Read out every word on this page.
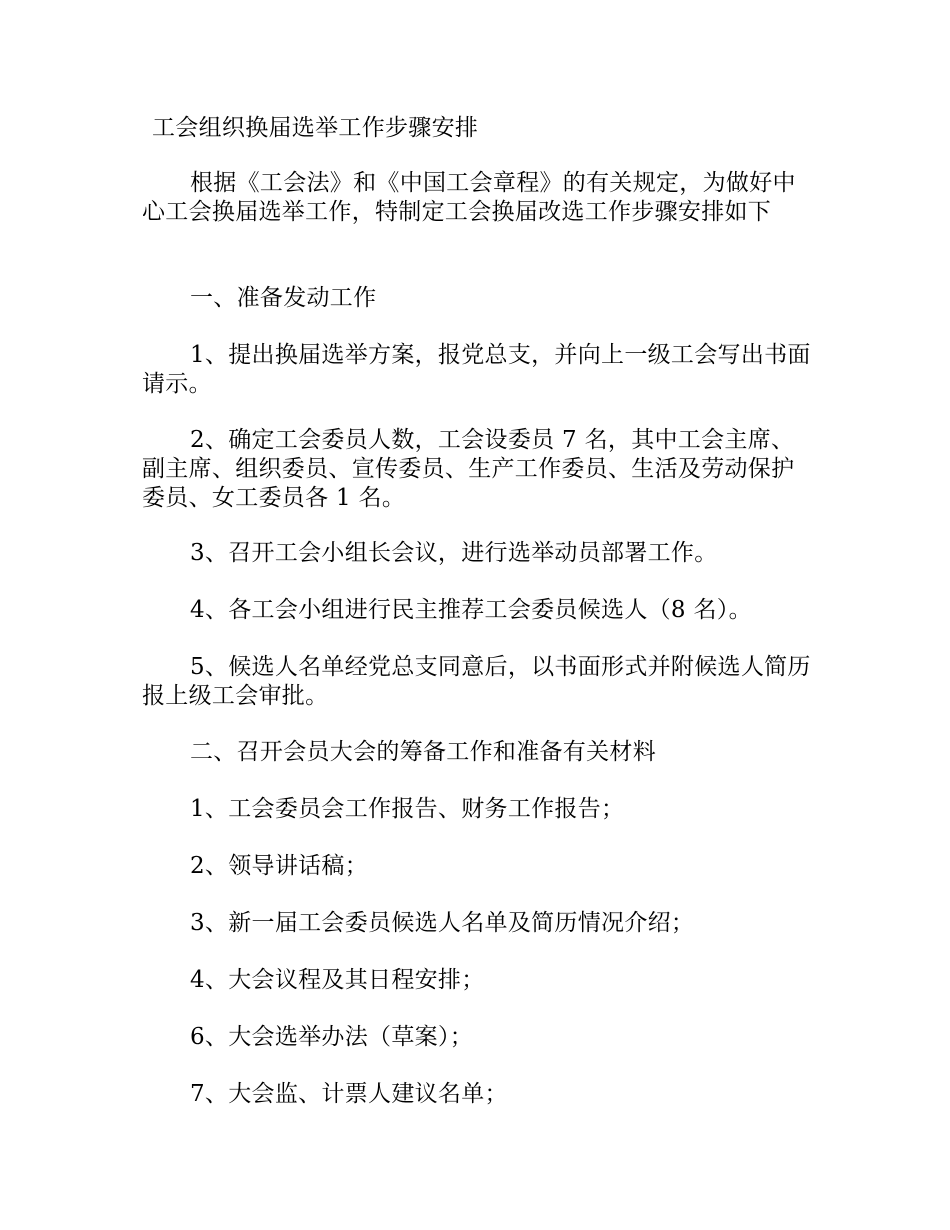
工会组织换届选举工作步骤安排

根据《工会法》和《中国工会章程》的有关规定，为做好中心工会换届选举工作，特制定工会换届改选工作步骤安排如下

一、准备发动工作

1、提出换届选举方案，报党总支，并向上一级工会写出书面请示。

2、确定工会委员人数，工会设委员 7 名，其中工会主席、副主席、组织委员、宣传委员、生产工作委员、生活及劳动保护委员、女工委员各 1 名。

3、召开工会小组长会议，进行选举动员部署工作。

4、各工会小组进行民主推荐工会委员候选人（8 名）。

5、候选人名单经党总支同意后，以书面形式并附候选人简历报上级工会审批。

二、召开会员大会的筹备工作和准备有关材料

1、工会委员会工作报告、财务工作报告；

2、领导讲话稿；

3、新一届工会委员候选人名单及简历情况介绍；

4、大会议程及其日程安排；

6、大会选举办法（草案）；

7、大会监、计票人建议名单；
